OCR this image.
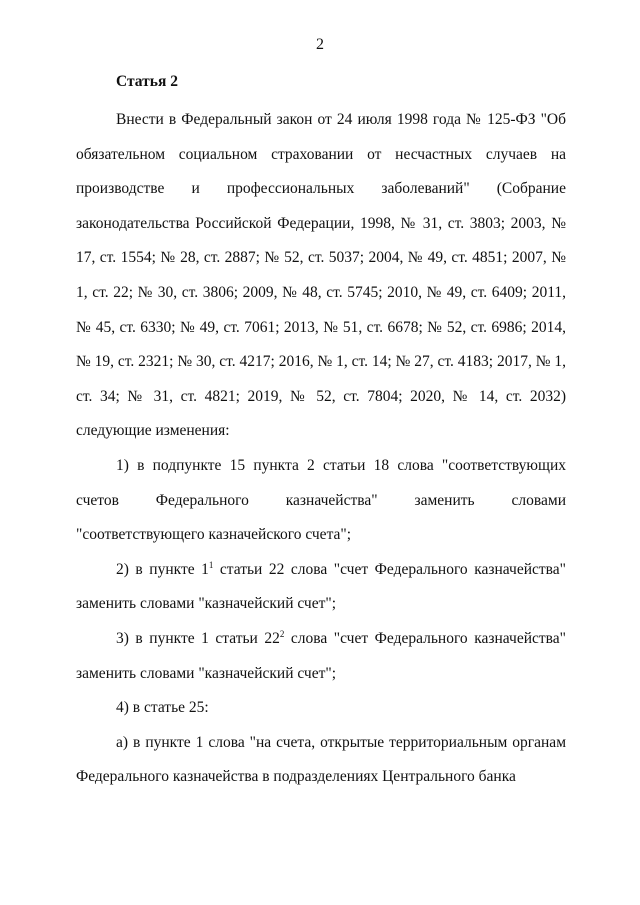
2
Статья 2

Внести в Федеральный закон от 24 июля 1998 года № 125-ФЗ "Об обязательном социальном страховании от несчастных случаев на производстве и профессиональных заболеваний" (Собрание законодательства Российской Федерации, 1998, № 31, ст. 3803; 2003, № 17, ст. 1554; № 28, ст. 2887; № 52, ст. 5037; 2004, № 49, ст. 4851; 2007, № 1, ст. 22; № 30, ст. 3806; 2009, № 48, ст. 5745; 2010, № 49, ст. 6409; 2011, № 45, ст. 6330; № 49, ст. 7061; 2013, № 51, ст. 6678; № 52, ст. 6986; 2014, № 19, ст. 2321; № 30, ст. 4217; 2016, № 1, ст. 14; № 27, ст. 4183; 2017, № 1, ст. 34; № 31, ст. 4821; 2019, № 52, ст. 7804; 2020, № 14, ст. 2032) следующие изменения:

1) в подпункте 15 пункта 2 статьи 18 слова "соответствующих счетов Федерального казначейства" заменить словами "соответствующего казначейского счета";

2) в пункте $1^1$ статьи 22 слова "счет Федерального казначейства" заменить словами "казначейский счет";

3) в пункте 1 статьи $22^2$ слова "счет Федерального казначейства" заменить словами "казначейский счет";

4) в статье 25:

а) в пункте 1 слова "на счета, открытые территориальным органам Федерального казначейства в подразделениях Центрального банка
